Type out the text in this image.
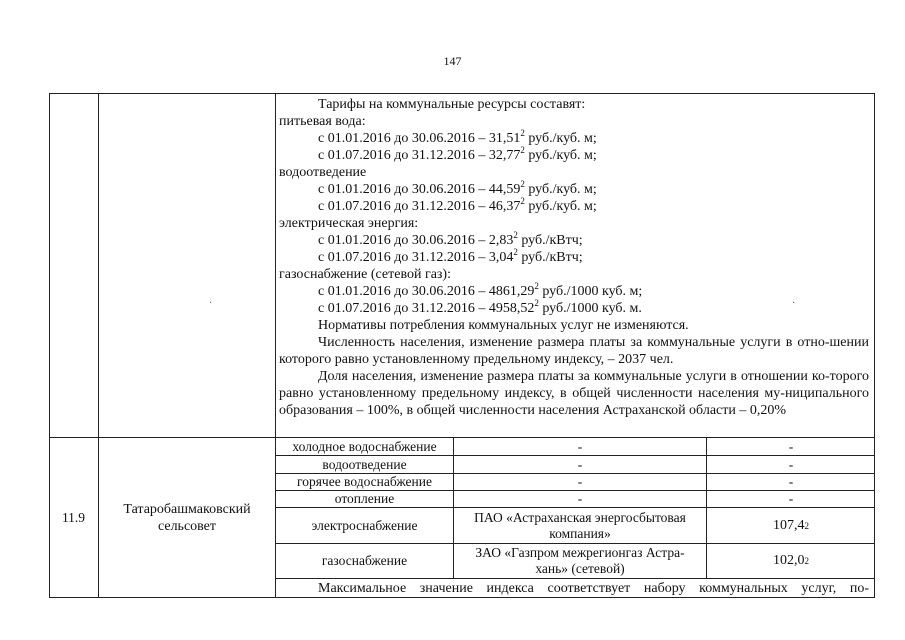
147
·	·
Тарифы на коммунальные ресурсы составят:
питьевая вода:
с 01.01.2016 до 30.06.2016 – 31,51$^2$ руб./куб. м;
с 01.07.2016 до 31.12.2016 – 32,77$^2$ руб./куб. м;
водоотведение
с 01.01.2016 до 30.06.2016 – 44,59$^2$ руб./куб. м;
с 01.07.2016 до 31.12.2016 – 46,37$^2$ руб./куб. м;
электрическая энергия:
с 01.01.2016 до 30.06.2016 – 2,83$^2$ руб./кВтч;
с 01.07.2016 до 31.12.2016 – 3,04$^2$ руб./кВтч;
газоснабжение (сетевой газ):
с 01.01.2016 до 30.06.2016 – 4861,29$^2$ руб./1000 куб. м;
с 01.07.2016 до 31.12.2016 – 4958,52$^2$ руб./1000 куб. м.
Нормативы потребления коммунальных услуг не изменяются.
Численность населения, изменение размера платы за коммунальные услуги в отно-шении которого равно установленному предельному индексу, – 2037 чел.
Доля населения, изменение размера платы за коммунальные услуги в отношении ко-торого равно установленному предельному индексу, в общей численности населения му-ниципального образования – 100%, в общей численности населения Астраханской области – 0,20%
11.9
Татаробашмаковский сельсовет
холодное водоснабжение
водоотведение
горячее водоснабжение
отопление
электроснабжение
газоснабжение
-
-
-
-
ПАО «Астраханская энергосбытовая компания»
ЗАО «Газпром межрегионгаз Астра-хань» (сетевой)
-
-
-
-
107,4 2
102,0 2
Максимальное значение индекса соответствует набору коммунальных услуг, по-
